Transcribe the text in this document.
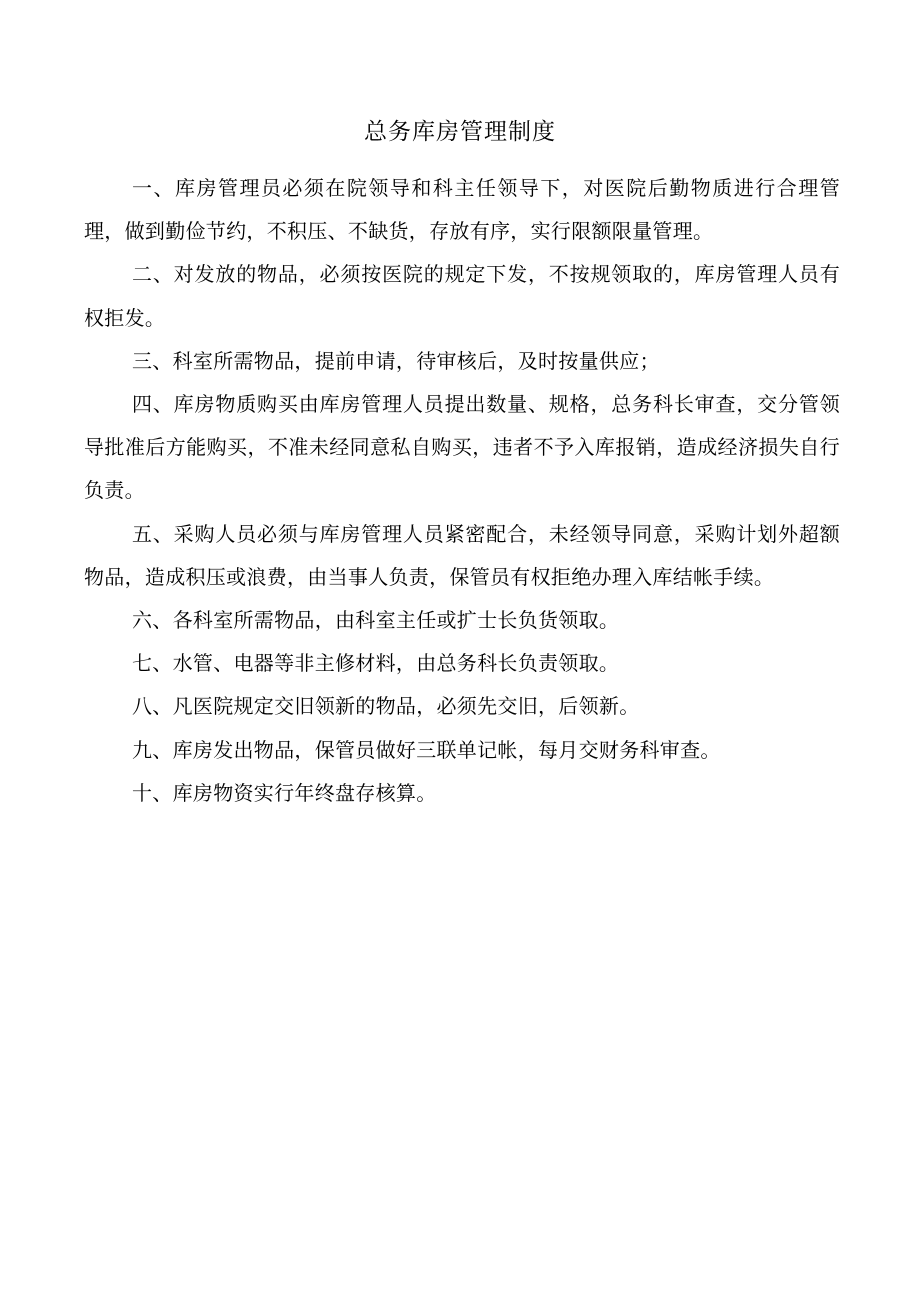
总务库房管理制度

一、库房管理员必须在院领导和科主任领导下，对医院后勤物质进行合理管理，做到勤俭节约，不积压、不缺货，存放有序，实行限额限量管理。

二、对发放的物品，必须按医院的规定下发，不按规领取的，库房管理人员有权拒发。

三、科室所需物品，提前申请，待审核后，及时按量供应；

四、库房物质购买由库房管理人员提出数量、规格，总务科长审查，交分管领导批准后方能购买，不准未经同意私自购买，违者不予入库报销，造成经济损失自行负责。

五、采购人员必须与库房管理人员紧密配合，未经领导同意，采购计划外超额物品，造成积压或浪费，由当事人负责，保管员有权拒绝办理入库结帐手续。

六、各科室所需物品，由科室主任或扩士长负货领取。

七、水管、电器等非主修材料，由总务科长负责领取。

八、凡医院规定交旧领新的物品，必须先交旧，后领新。

九、库房发出物品，保管员做好三联单记帐，每月交财务科审查。

十、库房物资实行年终盘存核算。
